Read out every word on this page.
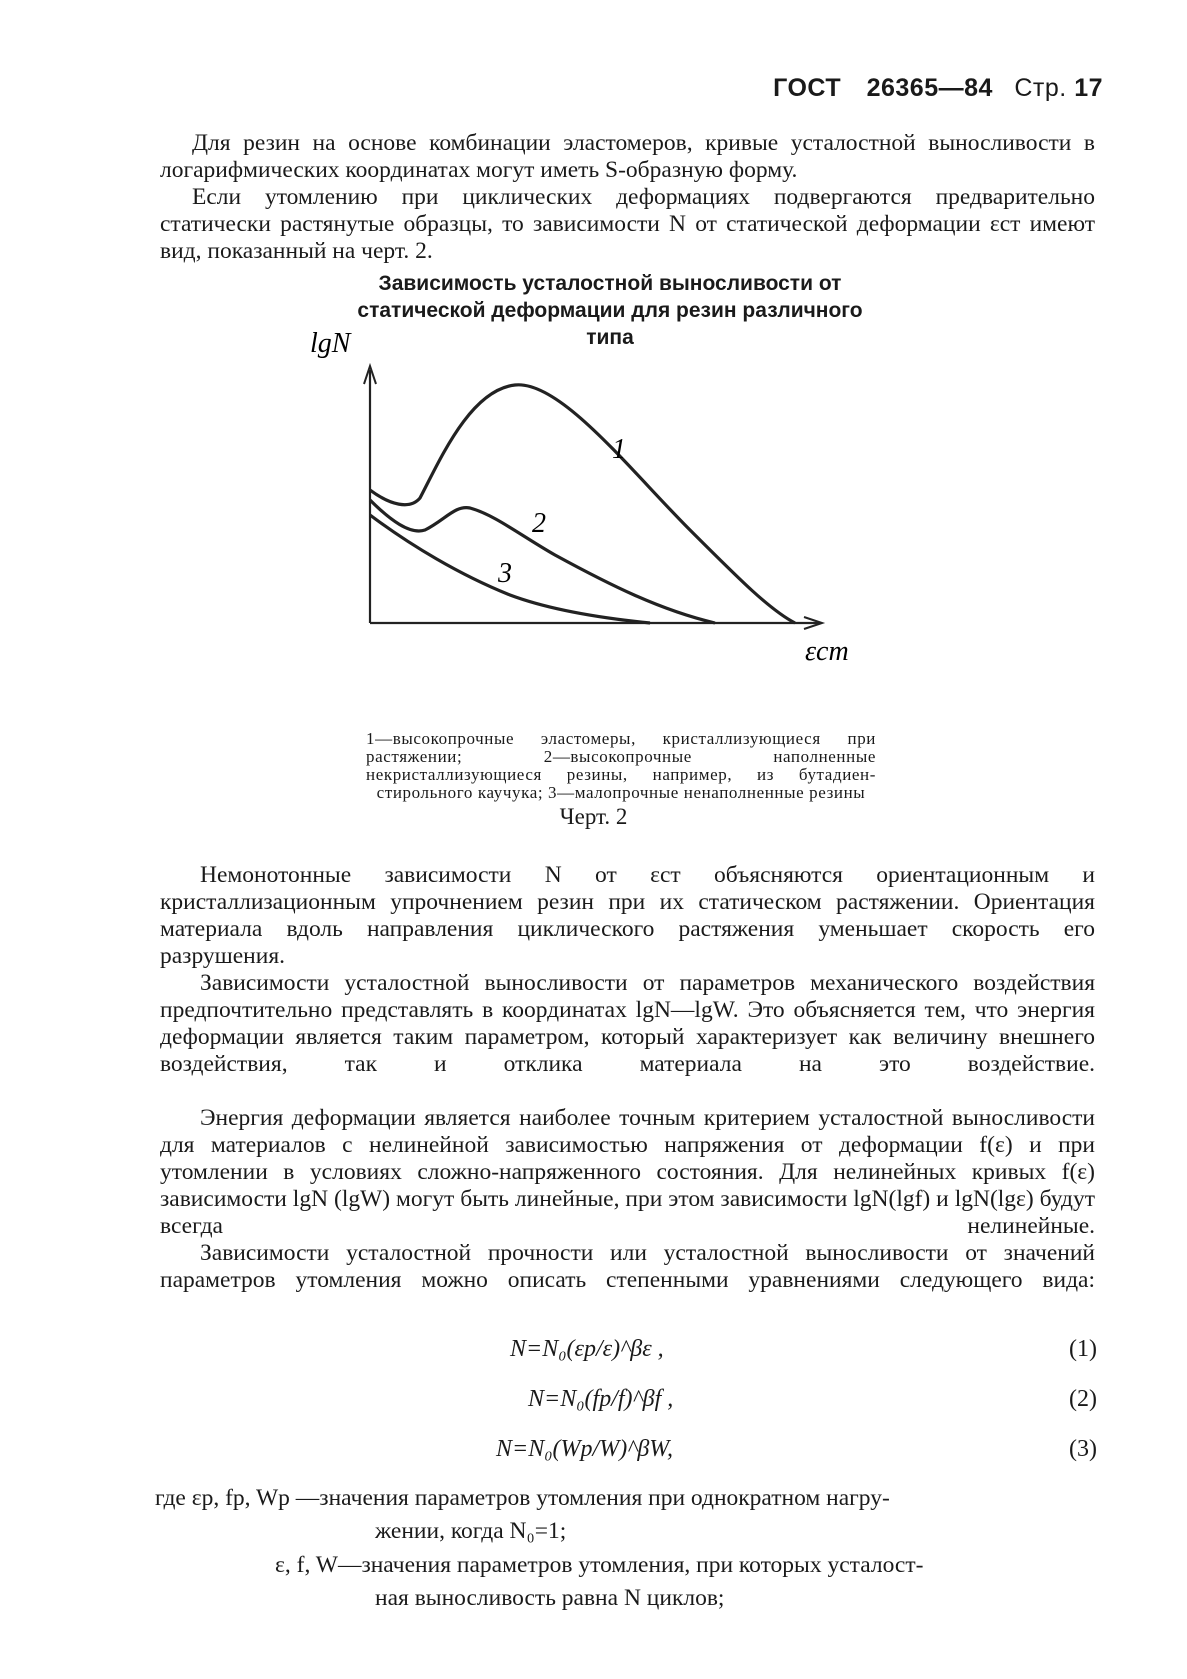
ГОСТ 26365—84 Стр. 17

Для резин на основе комбинации эластомеров, кривые усталостной выносливости в логарифмических координатах могут иметь S-образную форму.

Если утомлению при циклических деформациях подвергаются предварительно статически растянутые образцы, то зависимости N от статической деформации εст имеют вид, показанный на черт. 2.

Зависимость усталостной выносливости от
статической деформации для резин различного
типа
lgN
εст
1
2
3
1—высокопрочные эластомеры, кристаллизующиеся при растяжении; 2—высокопрочные наполненные некристаллизующиеся резины, например, из бутадиен-стирольного каучука; 3—малопрочные ненаполненные резины
Черт. 2

Немонотонные зависимости N от εст объясняются ориентационным и кристаллизационным упрочнением резин при их статическом растяжении. Ориентация материала вдоль направления циклического растяжения уменьшает скорость его разрушения.

Зависимости усталостной выносливости от параметров механического воздействия предпочтительно представлять в координатах lgN—lgW. Это объясняется тем, что энергия деформации является таким параметром, который характеризует как величину внешнего воздействия, так и отклика материала на это воздействие.

Энергия деформации является наиболее точным критерием усталостной выносливости для материалов с нелинейной зависимостью напряжения от деформации f(ε) и при утомлении в условиях сложно-напряженного состояния. Для нелинейных кривых f(ε) зависимости lgN (lgW) могут быть линейные, при этом зависимости lgN(lgf) и lgN(lgε) будут всегда нелинейные.

Зависимости усталостной прочности или усталостной выносливости от значений параметров утомления можно описать степенными уравнениями следующего вида:

N=N₀(εp/ε)^βε ,	(1)
N=N₀(fp/f)^βf ,	(2)
N=N₀(Wp/W)^βW,	(3)
где εp, fp, Wp —значения параметров утомления при однократном нагру-
жении, когда N₀=1;
ε, f, W—значения параметров утомления, при которых усталост-
ная выносливость равна N циклов;
